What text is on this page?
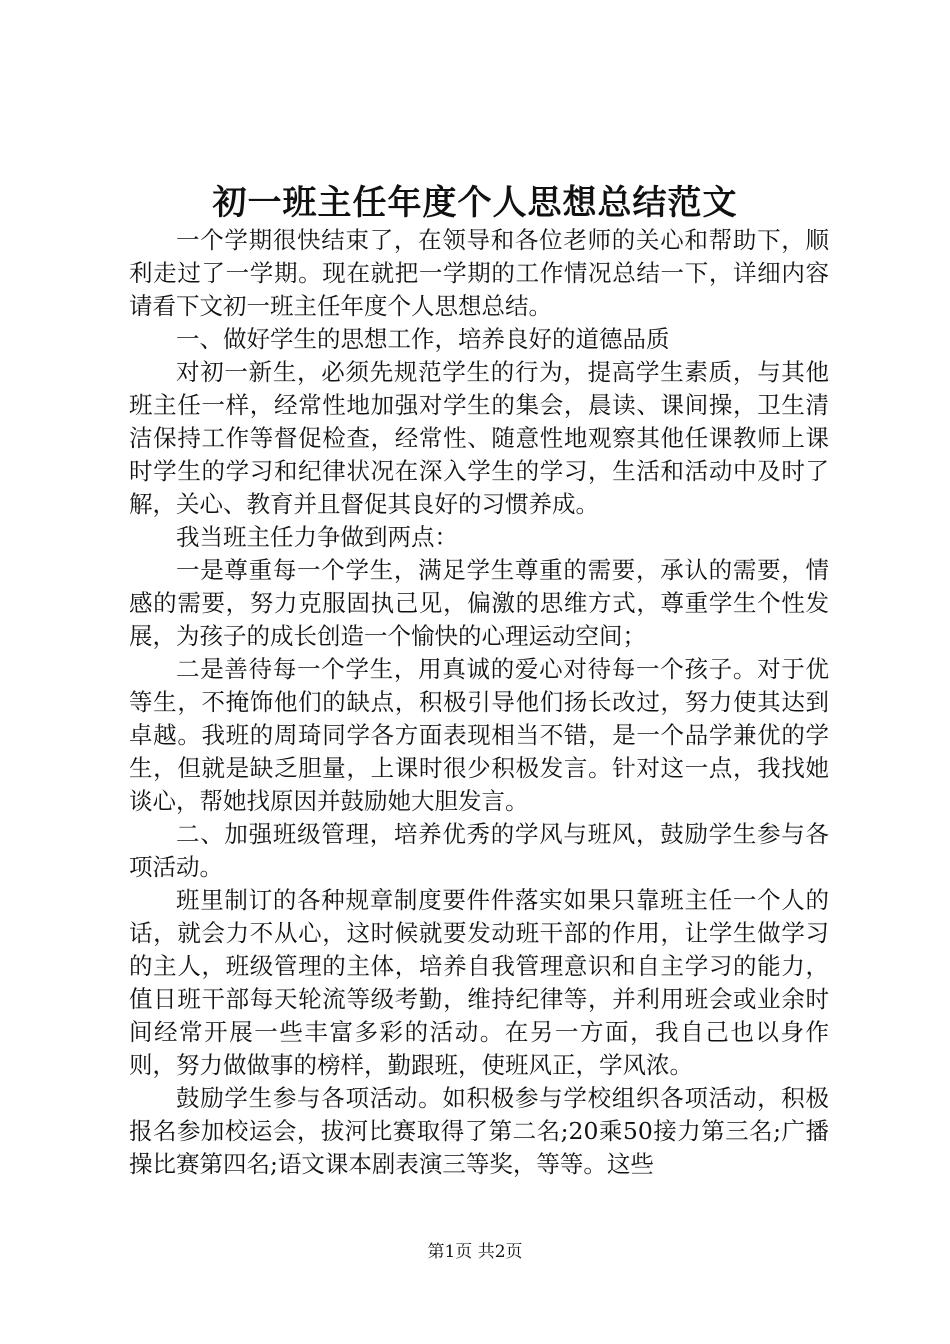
初一班主任年度个人思想总结范文

一个学期很快结束了，在领导和各位老师的关心和帮助下，顺利走过了一学期。现在就把一学期的工作情况总结一下，详细内容请看下文初一班主任年度个人思想总结。

一、做好学生的思想工作，培养良好的道德品质

对初一新生，必须先规范学生的行为，提高学生素质，与其他班主任一样，经常性地加强对学生的集会，晨读、课间操，卫生清洁保持工作等督促检查，经常性、随意性地观察其他任课教师上课时学生的学习和纪律状况在深入学生的学习，生活和活动中及时了解，关心、教育并且督促其良好的习惯养成。

我当班主任力争做到两点：

一是尊重每一个学生，满足学生尊重的需要，承认的需要，情感的需要，努力克服固执己见，偏激的思维方式，尊重学生个性发展，为孩子的成长创造一个愉快的心理运动空间；

二是善待每一个学生，用真诚的爱心对待每一个孩子。对于优等生，不掩饰他们的缺点，积极引导他们扬长改过，努力使其达到卓越。我班的周琦同学各方面表现相当不错，是一个品学兼优的学生，但就是缺乏胆量，上课时很少积极发言。针对这一点，我找她谈心，帮她找原因并鼓励她大胆发言。

二、加强班级管理，培养优秀的学风与班风，鼓励学生参与各项活动。

班里制订的各种规章制度要件件落实如果只靠班主任一个人的话，就会力不从心，这时候就要发动班干部的作用，让学生做学习的主人，班级管理的主体，培养自我管理意识和自主学习的能力，值日班干部每天轮流等级考勤，维持纪律等，并利用班会或业余时间经常开展一些丰富多彩的活动。在另一方面，我自己也以身作则，努力做做事的榜样，勤跟班，使班风正，学风浓。

鼓励学生参与各项活动。如积极参与学校组织各项活动，积极报名参加校运会，拔河比赛取得了第二名;20乘50接力第三名;广播操比赛第四名;语文课本剧表演三等奖，等等。这些

第1页 共2页
